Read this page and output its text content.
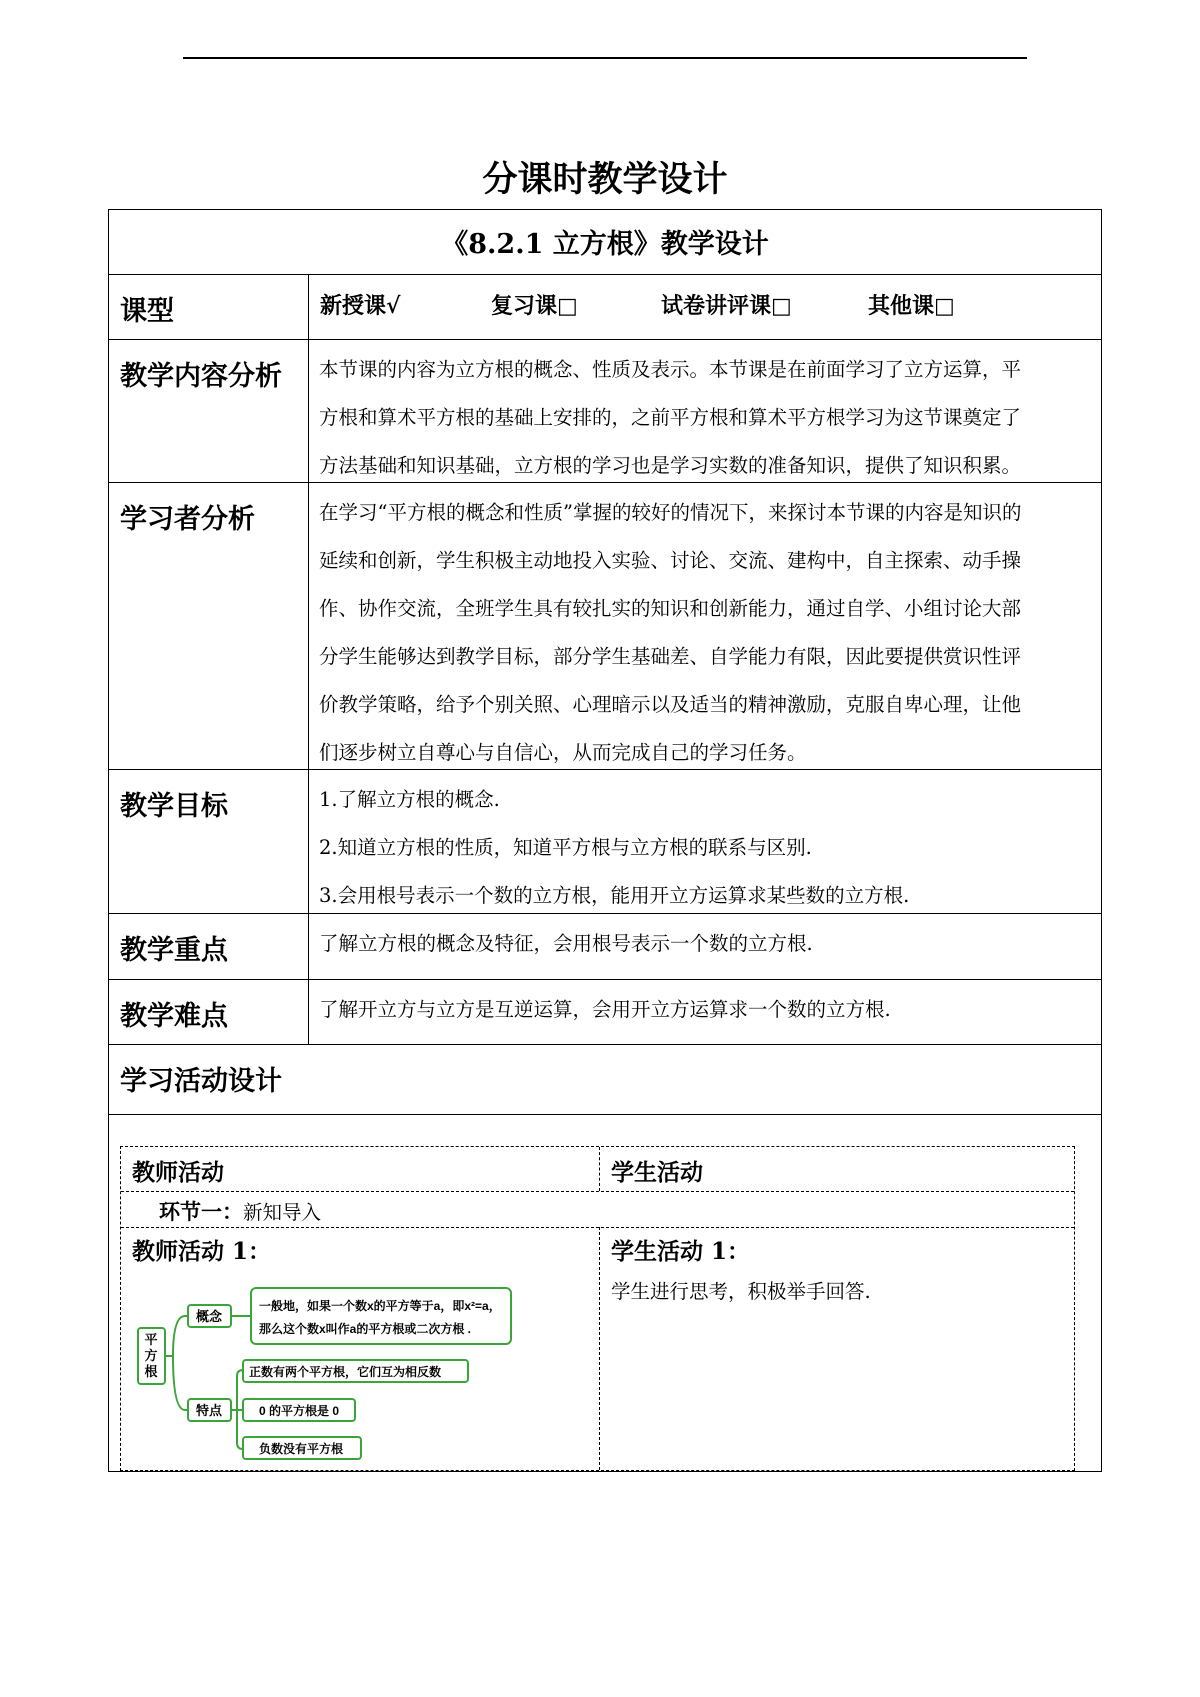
分课时教学设计
《8.2.1 立方根》教学设计
课型	新授课√	复习课□	试卷讲评课□	其他课□
教学内容分析	本节课的内容为立方根的概念、性质及表示。本节课是在前面学习了立方运算，平
方根和算术平方根的基础上安排的，之前平方根和算术平方根学习为这节课奠定了
方法基础和知识基础，立方根的学习也是学习实数的准备知识，提供了知识积累。
学习者分析	在学习“平方根的概念和性质”掌握的较好的情况下，来探讨本节课的内容是知识的
延续和创新，学生积极主动地投入实验、讨论、交流、建构中，自主探索、动手操
作、协作交流，全班学生具有较扎实的知识和创新能力，通过自学、小组讨论大部
分学生能够达到教学目标，部分学生基础差、自学能力有限，因此要提供赏识性评
价教学策略，给予个别关照、心理暗示以及适当的精神激励，克服自卑心理，让他
们逐步树立自尊心与自信心，从而完成自己的学习任务。
教学目标	1.了解立方根的概念.
2.知道立方根的性质，知道平方根与立方根的联系与区别.
3.会用根号表示一个数的立方根，能用开立方运算求某些数的立方根.
教学重点	了解立方根的概念及特征，会用根号表示一个数的立方根.
教学难点	了解开立方与立方是互逆运算，会用开立方运算求一个数的立方根.
学习活动设计
教师活动	学生活动
环节一：新知导入
教师活动 1：	学生活动 1：
学生进行思考，积极举手回答.
平
方
根
概念
一般地，如果一个数x的平方等于a，即x²=a，
那么这个数x叫作a的平方根或二次方根 .
特点
正数有两个平方根，它们互为相反数
0 的平方根是 0
负数没有平方根
